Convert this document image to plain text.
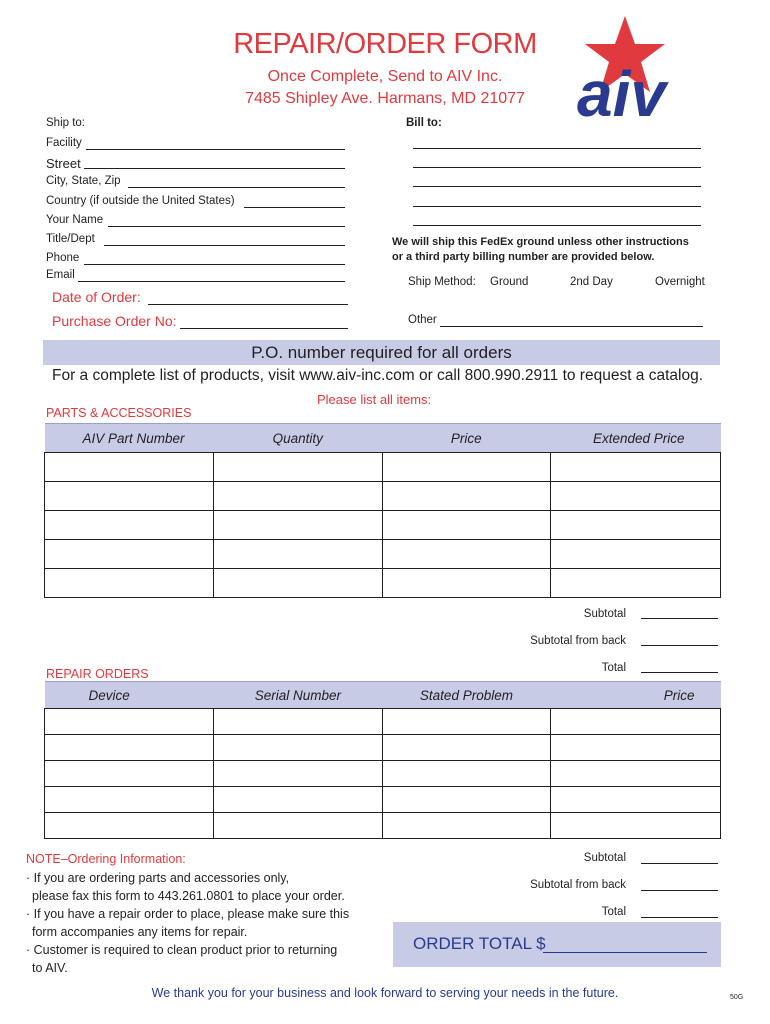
REPAIR/ORDER FORM
Once Complete, Send to AIV Inc.
7485 Shipley Ave. Harmans, MD 21077 aiv
Ship to:
Facility
Street
City, State, Zip
Country (if outside the United States)
Your Name
Title/Dept
Phone
Email
Bill to:
We will ship this FedEx ground unless other instructions
or a third party billing number are provided below.
Ship Method: Ground	2nd Day	Overnight
Other
Date of Order:
Purchase Order No:
P.O. number required for all orders
For a complete list of products, visit www.aiv-inc.com or call 800.990.2911 to request a catalog.
Please list all items:
PARTS & ACCESSORIES
AIV Part Number	Quantity	Price	Extended Price

Subtotal
Subtotal from back
Total
REPAIR ORDERS
Device	Serial Number	Stated Problem	Price

NOTE–Ordering Information:
· If you are ordering parts and accessories only,
please fax this form to 443.261.0801 to place your order.
· If you have a repair order to place, please make sure this
form accompanies any items for repair.
· Customer is required to clean product prior to returning
to AIV.
Subtotal
Subtotal from back
Total
ORDER TOTAL $
We thank you for your business and look forward to serving your needs in the future.	50G
